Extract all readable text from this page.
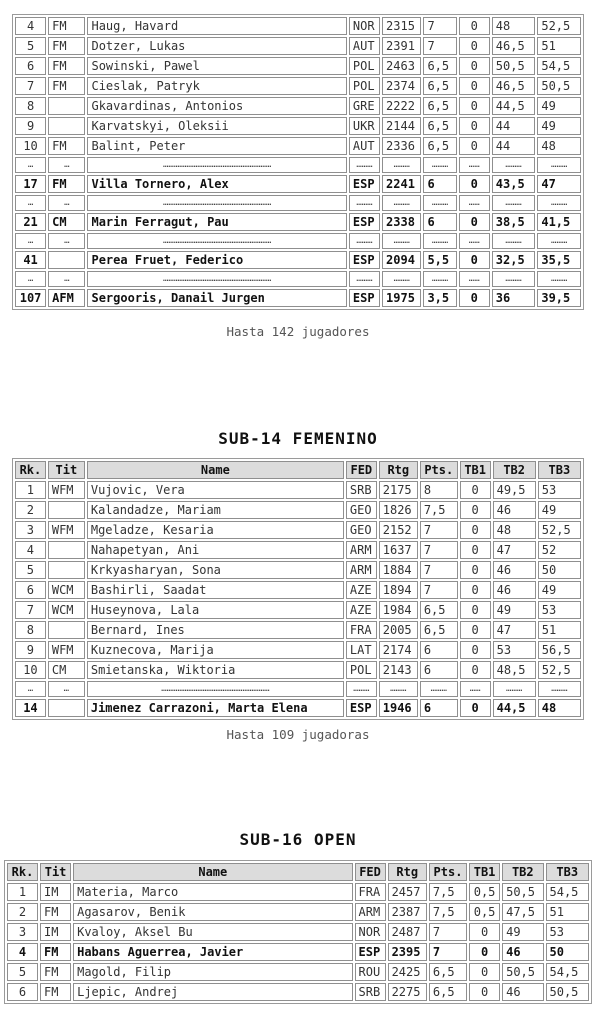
4	FM	Haug, Havard	NOR	2315	7	0	48	52,5
5	FM	Dotzer, Lukas	AUT	2391	7	0	46,5	51
6	FM	Sowinski, Pawel	POL	2463	6,5	0	50,5	54,5
7	FM	Cieslak, Patryk	POL	2374	6,5	0	46,5	50,5
8		Gkavardinas, Antonios	GRE	2222	6,5	0	44,5	49
9		Karvatskyi, Oleksii	UKR	2144	6,5	0	44	49
10	FM	Balint, Peter	AUT	2336	6,5	0	44	48
…	…	……………………………………………………	………	………	………	……	………	………
17	FM	Villa Tornero, Alex	ESP	2241	6	0	43,5	47
…	…	……………………………………………………	………	………	………	……	………	………
21	CM	Marin Ferragut, Pau	ESP	2338	6	0	38,5	41,5
…	…	……………………………………………………	………	………	………	……	………	………
41		Perea Fruet, Federico	ESP	2094	5,5	0	32,5	35,5
…	…	……………………………………………………	………	………	………	……	………	………
107	AFM	Sergooris, Danail Jurgen	ESP	1975	3,5	0	36	39,5
Hasta 142 jugadores
SUB-14 FEMENINO
Rk.	Tit	Name	FED	Rtg	Pts.	TB1	TB2	TB3
1	WFM	Vujovic, Vera	SRB	2175	8	0	49,5	53
2		Kalandadze, Mariam	GEO	1826	7,5	0	46	49
3	WFM	Mgeladze, Kesaria	GEO	2152	7	0	48	52,5
4		Nahapetyan, Ani	ARM	1637	7	0	47	52
5		Krkyasharyan, Sona	ARM	1884	7	0	46	50
6	WCM	Bashirli, Saadat	AZE	1894	7	0	46	49
7	WCM	Huseynova, Lala	AZE	1984	6,5	0	49	53
8		Bernard, Ines	FRA	2005	6,5	0	47	51
9	WFM	Kuznecova, Marija	LAT	2174	6	0	53	56,5
10	CM	Smietanska, Wiktoria	POL	2143	6	0	48,5	52,5
…	…	……………………………………………………	………	………	………	……	………	………
14		Jimenez Carrazoni, Marta Elena	ESP	1946	6	0	44,5	48
Hasta 109 jugadoras
SUB-16 OPEN
Rk.	Tit	Name	FED	Rtg	Pts.	TB1	TB2	TB3
1	IM	Materia, Marco	FRA	2457	7,5	0,5	50,5	54,5
2	FM	Agasarov, Benik	ARM	2387	7,5	0,5	47,5	51
3	IM	Kvaloy, Aksel Bu	NOR	2487	7	0	49	53
4	FM	Habans Aguerrea, Javier	ESP	2395	7	0	46	50
5	FM	Magold, Filip	ROU	2425	6,5	0	50,5	54,5
6	FM	Ljepic, Andrej	SRB	2275	6,5	0	46	50,5
